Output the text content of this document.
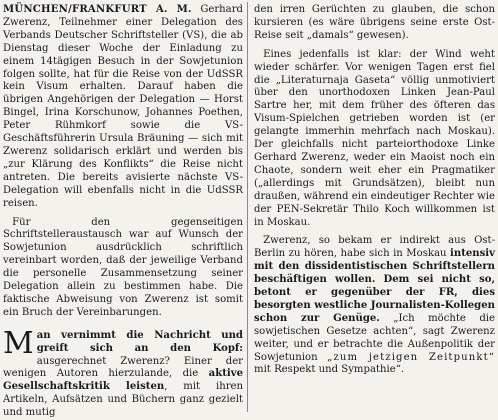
MÜNCHEN/FRANKFURT A. M. Gerhard Zwerenz, Teilnehmer einer Delegation des Verbands Deutscher Schriftsteller (VS), die ab Dienstag dieser Woche der Einladung zu einem 14tägigen Besuch in der Sowjetunion folgen sollte, hat für die Reise von der UdSSR kein Visum erhalten. Darauf haben die übrigen Angehörigen der Delegation — Horst Bingel, Irina Korschunow, Johannes Poethen, Peter Rühmkorf sowie die VS-Geschäftsführerin Ursula Bräuning — sich mit Zwerenz solidarisch erklärt und werden bis „zur Klärung des Konflikts“ die Reise nicht antreten. Die bereits avisierte nächste VS-Delegation will ebenfalls nicht in die UdSSR reisen.

Für den gegenseitigen Schriftstelleraustausch war auf Wunsch der Sowjetunion ausdrücklich schriftlich vereinbart worden, daß der jeweilige Verband die personelle Zusammensetzung seiner Delegation allein zu bestimmen habe. Die faktische Abweisung von Zwerenz ist somit ein Bruch der Vereinbarungen.

Man vernimmt die Nachricht und greift sich an den Kopf: ausgerechnet Zwerenz? Einer der wenigen Autoren hierzulande, die aktive Gesellschaftskritik leisten, mit ihren Artikeln, Aufsätzen und Büchern ganz gezielt und mutig

den irren Gerüchten zu glauben, die schon kursieren (es wäre übrigens seine erste Ost-Reise seit „damals“ gewesen).

Eines jedenfalls ist klar: der Wind weht wieder schärfer. Vor wenigen Tagen erst fiel die „Literaturnaja Gaseta“ völlig unmotiviert über den unorthodoxen Linken Jean-Paul Sartre her, mit dem früher des öfteren das Visum-Spielchen getrieben worden ist (er gelangte immerhin mehrfach nach Moskau). Der gleichfalls nicht parteiorthodoxe Linke Gerhard Zwerenz, weder ein Maoist noch ein Chaote, sondern weit eher ein Pragmatiker („allerdings mit Grundsätzen), bleibt nun draußen, während ein eindeutiger Rechter wie der PEN-Sekretär Thilo Koch willkommen ist in Moskau.

Zwerenz, so bekam er indirekt aus Ost-Berlin zu hören, habe sich in Moskau intensiv mit den dissidentistischen Schriftstellern beschäftigen wollen. Dem sei nicht so, betont er gegenüber der FR, dies besorgten westliche Journalisten-Kollegen schon zur Genüge. „Ich möchte die sowjetischen Gesetze achten“, sagt Zwerenz weiter, und er betrachte die Außenpolitik der Sowjetunion „zum jetzigen Zeitpunkt“ mit Respekt und Sympathie“.
